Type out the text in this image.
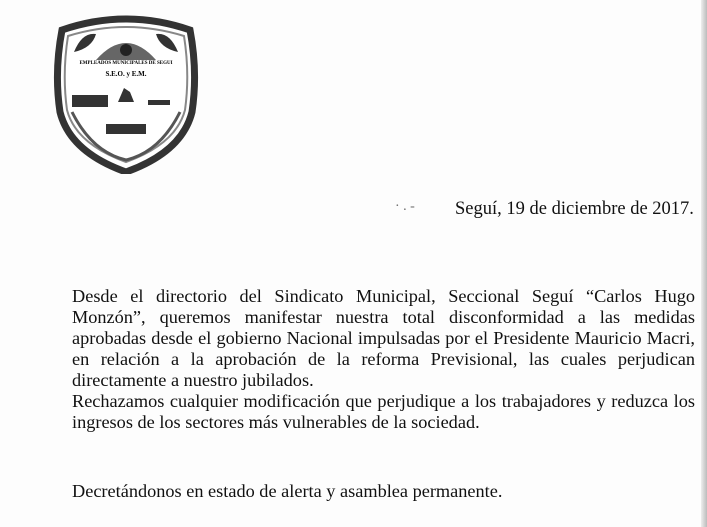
EMPLEADOS MUNICIPALES DE SEGUI
S.E.O. y E.M.
· . - Seguí, 19 de diciembre de 2017.

Desde el directorio del Sindicato Municipal, Seccional Seguí “Carlos Hugo Monzón”, queremos manifestar nuestra total disconformidad a las medidas aprobadas desde el gobierno Nacional impulsadas por el Presidente Mauricio Macri, en relación a la aprobación de la reforma Previsional, las cuales perjudican directamente a nuestro jubilados.

Rechazamos cualquier modificación que perjudique a los trabajadores y reduzca los ingresos de los sectores más vulnerables de la sociedad.

Decretándonos en estado de alerta y asamblea permanente.
